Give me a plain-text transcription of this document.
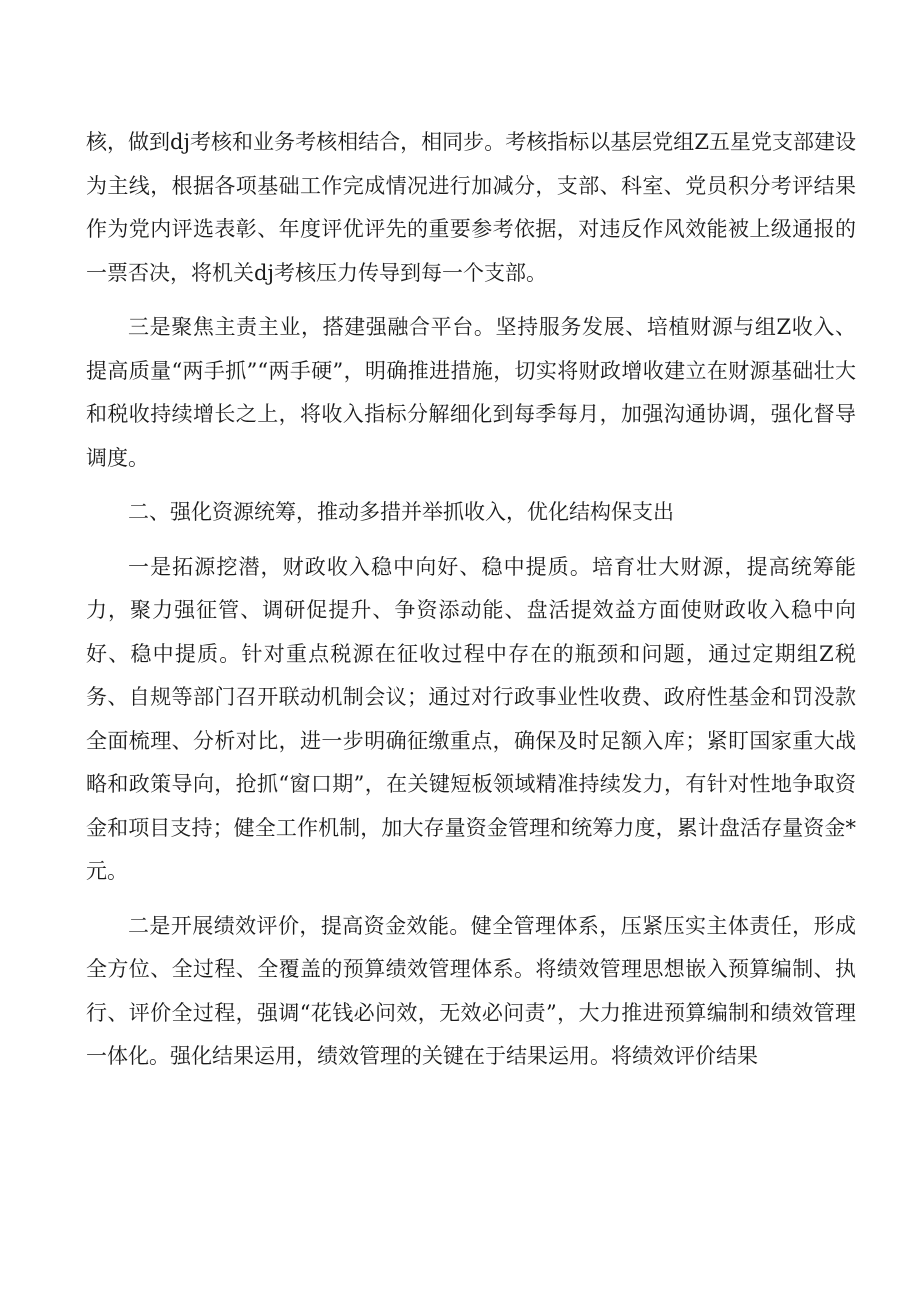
核，做到dj考核和业务考核相结合，相同步。考核指标以基层党组Z五星党支部建设为主线，根据各项基础工作完成情况进行加减分，支部、科室、党员积分考评结果作为党内评选表彰、年度评优评先的重要参考依据，对违反作风效能被上级通报的一票否决，将机关dj考核压力传导到每一个支部。

三是聚焦主责主业，搭建强融合平台。坚持服务发展、培植财源与组Z收入、提高质量“两手抓”“两手硬”，明确推进措施，切实将财政增收建立在财源基础壮大和税收持续增长之上，将收入指标分解细化到每季每月，加强沟通协调，强化督导调度。

二、强化资源统筹，推动多措并举抓收入，优化结构保支出

一是拓源挖潜，财政收入稳中向好、稳中提质。培育壮大财源，提高统筹能力，聚力强征管、调研促提升、争资添动能、盘活提效益方面使财政收入稳中向好、稳中提质。针对重点税源在征收过程中存在的瓶颈和问题，通过定期组Z税务、自规等部门召开联动机制会议；通过对行政事业性收费、政府性基金和罚没款全面梳理、分析对比，进一步明确征缴重点，确保及时足额入库；紧盯国家重大战略和政策导向，抢抓“窗口期”，在关键短板领域精准持续发力，有针对性地争取资金和项目支持；健全工作机制，加大存量资金管理和统筹力度，累计盘活存量资金*元。

二是开展绩效评价，提高资金效能。健全管理体系，压紧压实主体责任，形成全方位、全过程、全覆盖的预算绩效管理体系。将绩效管理思想嵌入预算编制、执行、评价全过程，强调“花钱必问效，无效必问责”，大力推进预算编制和绩效管理一体化。强化结果运用，绩效管理的关键在于结果运用。将绩效评价结果
